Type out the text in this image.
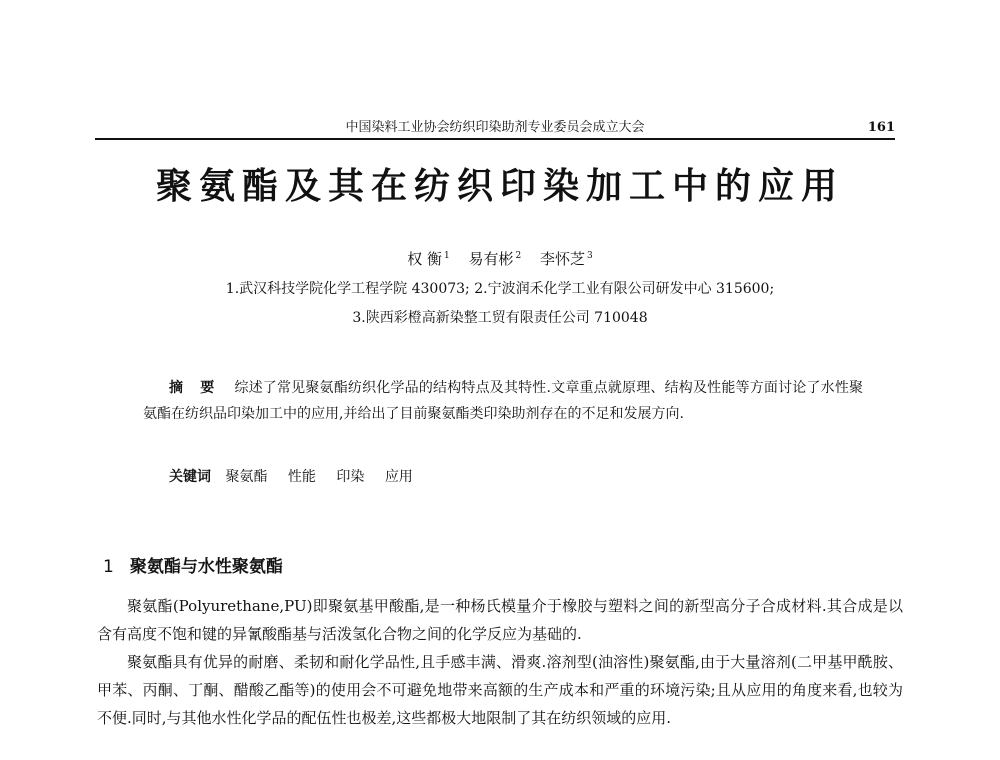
中国染料工业协会纺织印染助剂专业委员会成立大会	161
聚氨酯及其在纺织印染加工中的应用
权 衡 $^1$ 易有彬 $^2$ 李怀芝 $^3$
1.武汉科技学院化学工程学院 430073; 2.宁波润禾化学工业有限公司研发中心 315600;
3.陕西彩橙高新染整工贸有限责任公司 710048
摘 要 综述了常见聚氨酯纺织化学品的结构特点及其特性.文章重点就原理、结构及性能等方面讨论了水性聚氨酯在纺织品印染加工中的应用,并给出了目前聚氨酯类印染助剂存在的不足和发展方向.
关键词 聚氨酯 性能 印染 应用
1 聚氨酯与水性聚氨酯

聚氨酯(Polyurethane,PU)即聚氨基甲酸酯,是一种杨氏模量介于橡胶与塑料之间的新型高分子合成材料.其合成是以含有高度不饱和键的异氰酸酯基与活泼氢化合物之间的化学反应为基础的.

聚氨酯具有优异的耐磨、柔韧和耐化学品性,且手感丰满、滑爽.溶剂型(油溶性)聚氨酯,由于大量溶剂(二甲基甲酰胺、甲苯、丙酮、丁酮、醋酸乙酯等)的使用会不可避免地带来高额的生产成本和严重的环境污染;且从应用的角度来看,也较为不便.同时,与其他水性化学品的配伍性也极差,这些都极大地限制了其在纺织领域的应用.
